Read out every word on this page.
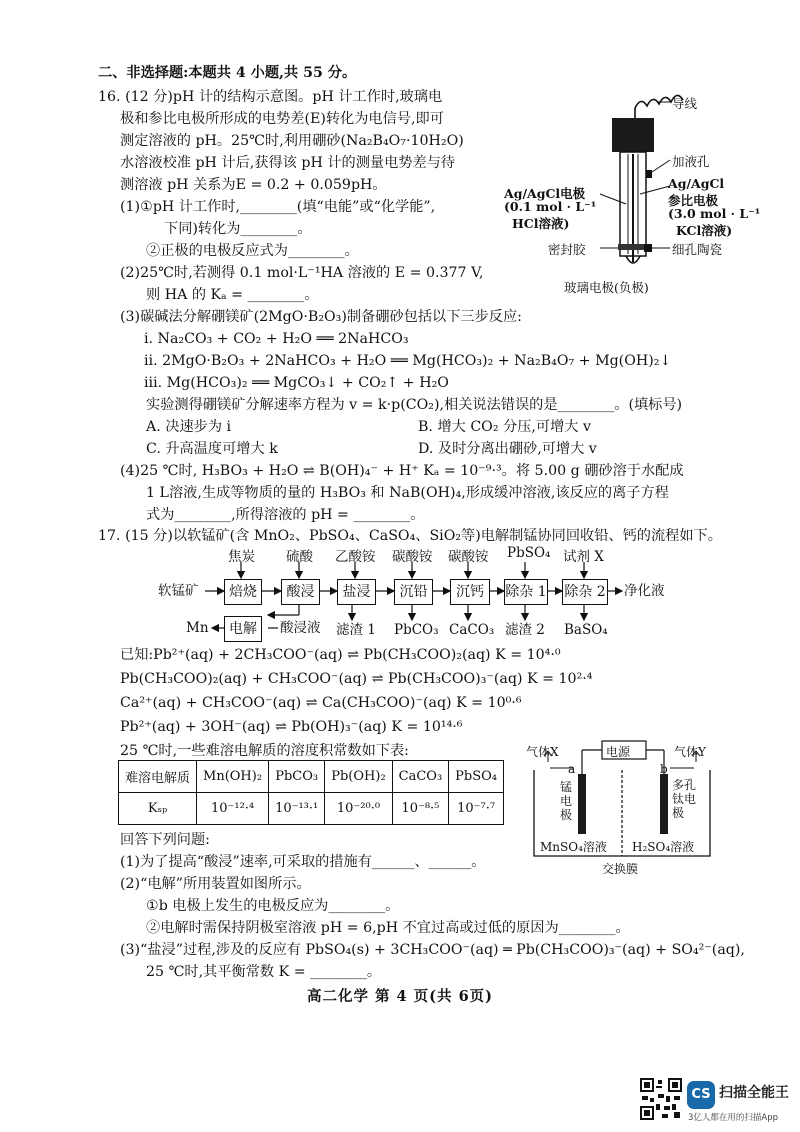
二、非选择题:本题共 4 小题,共 55 分。
16. (12 分)pH 计的结构示意图。pH 计工作时,玻璃电
极和参比电极所形成的电势差(E)转化为电信号,即可
测定溶液的 pH。25℃时,利用硼砂(Na₂B₄O₇·10H₂O)
水溶液校准 pH 计后,获得该 pH 计的测量电势差与待
测溶液 pH 关系为E = 0.2 + 0.059pH。
(1)①pH 计工作时,________(填“电能”或“化学能”,
下同)转化为________。
②正极的电极反应式为________。
(2)25℃时,若测得 0.1 mol·L⁻¹HA 溶液的 E = 0.377 V,
则 HA 的 Kₐ = ________。
(3)碳碱法分解硼镁矿(2MgO·B₂O₃)制备硼砂包括以下三步反应:
ⅰ. Na₂CO₃ + CO₂ + H₂O ══ 2NaHCO₃
ⅱ. 2MgO·B₂O₃ + 2NaHCO₃ + H₂O ══ Mg(HCO₃)₂ + Na₂B₄O₇ + Mg(OH)₂↓
ⅲ. Mg(HCO₃)₂ ══ MgCO₃↓ + CO₂↑ + H₂O
实验测得硼镁矿分解速率方程为 v = k·p(CO₂),相关说法错误的是________。(填标号)
A. 决速步为 ⅰ	B. 增大 CO₂ 分压,可增大 v
C. 升高温度可增大 k	D. 及时分离出硼砂,可增大 v
(4)25 ℃时, H₃BO₃ + H₂O ⇌ B(OH)₄⁻ + H⁺ Kₐ = 10⁻⁹·³。将 5.00 g 硼砂溶于水配成
1 L溶液,生成等物质的量的 H₃BO₃ 和 NaB(OH)₄,形成缓冲溶液,该反应的离子方程
式为________,所得溶液的 pH = ________。
导线
加液孔
Ag/AgCl电极
(0.1 mol · L⁻¹
HCl溶液)
Ag/AgCl
参比电极
(3.0 mol · L⁻¹
KCl溶液)
密封胶	细孔陶瓷
玻璃电极(负极)
17. (15 分)以软锰矿(含 MnO₂、PbSO₄、CaSO₄、SiO₂等)电解制锰协同回收铅、钙的流程如下。
焦炭 硫酸 乙酸铵 碳酸铵 碳酸铵 PbSO₄ 试剂 X
软锰矿	焙烧	酸浸	盐浸	沉铅	沉钙	除杂 1 除杂 2 净化液
Mn	电解	酸浸液 滤渣 1 PbCO₃ CaCO₃ 滤渣 2 BaSO₄
已知:Pb²⁺(aq) + 2CH₃COO⁻(aq) ⇌ Pb(CH₃COO)₂(aq) K = 10⁴·⁰
Pb(CH₃COO)₂(aq) + CH₃COO⁻(aq) ⇌ Pb(CH₃COO)₃⁻(aq) K = 10²·⁴
Ca²⁺(aq) + CH₃COO⁻(aq) ⇌ Ca(CH₃COO)⁻(aq) K = 10⁰·⁶
Pb²⁺(aq) + 3OH⁻(aq) ⇌ Pb(OH)₃⁻(aq) K = 10¹⁴·⁶
25 ℃时,一些难溶电解质的溶度积常数如下表:
难溶电解质	Mn(OH)₂	PbCO₃	Pb(OH)₂	CaCO₃	PbSO₄
Kₛₚ	10⁻¹²·⁴	10⁻¹³·¹	10⁻²⁰·⁰	10⁻⁸·⁵	10⁻⁷·⁷
回答下列问题:
(1)为了提高“酸浸”速率,可采取的措施有______、______。
(2)“电解”所用装置如图所示。
①b 电极上发生的电极反应为________。
②电解时需保持阴极室溶液 pH = 6,pH 不宜过高或过低的原因为________。
(3)“盐浸”过程,涉及的反应有 PbSO₄(s) + 3CH₃COO⁻(aq) ═ Pb(CH₃COO)₃⁻(aq) + SO₄²⁻(aq),
25 ℃时,其平衡常数 K = ________。
气体X	电源	气体Y
a	b
锰电极
多孔钛电极
MnSO₄溶液 H₂SO₄溶液
交换膜
高二化学 第 4 页(共 6页)
CS 扫描全能王
3亿人都在用的扫描App
